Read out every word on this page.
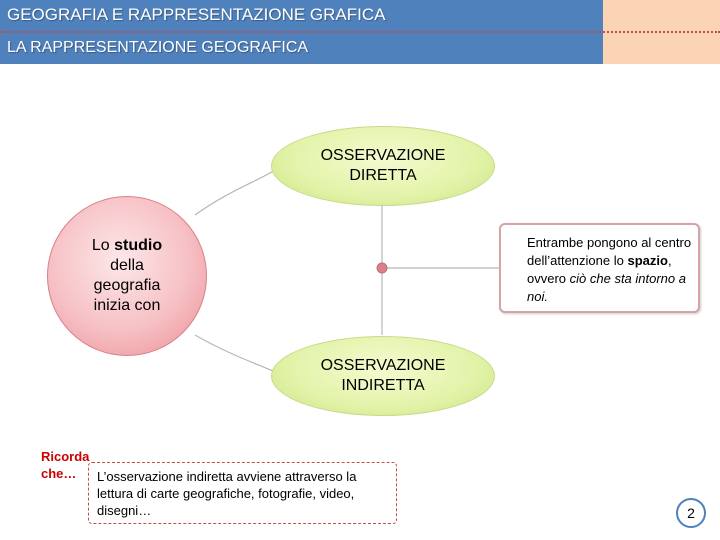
GEOGRAFIA E RAPPRESENTAZIONE GRAFICA
LA RAPPRESENTAZIONE GEOGRAFICA
OSSERVAZIONE
DIRETTA
OSSERVAZIONE
INDIRETTA
Lo studio
della
geografia
inizia con
Entrambe pongono al centro dell’attenzione lo spazio, ovvero ciò che sta intorno a noi.
Ricorda
che…	L’osservazione indiretta avviene attraverso la lettura di carte geografiche, fotografie, video, disegni…	2
